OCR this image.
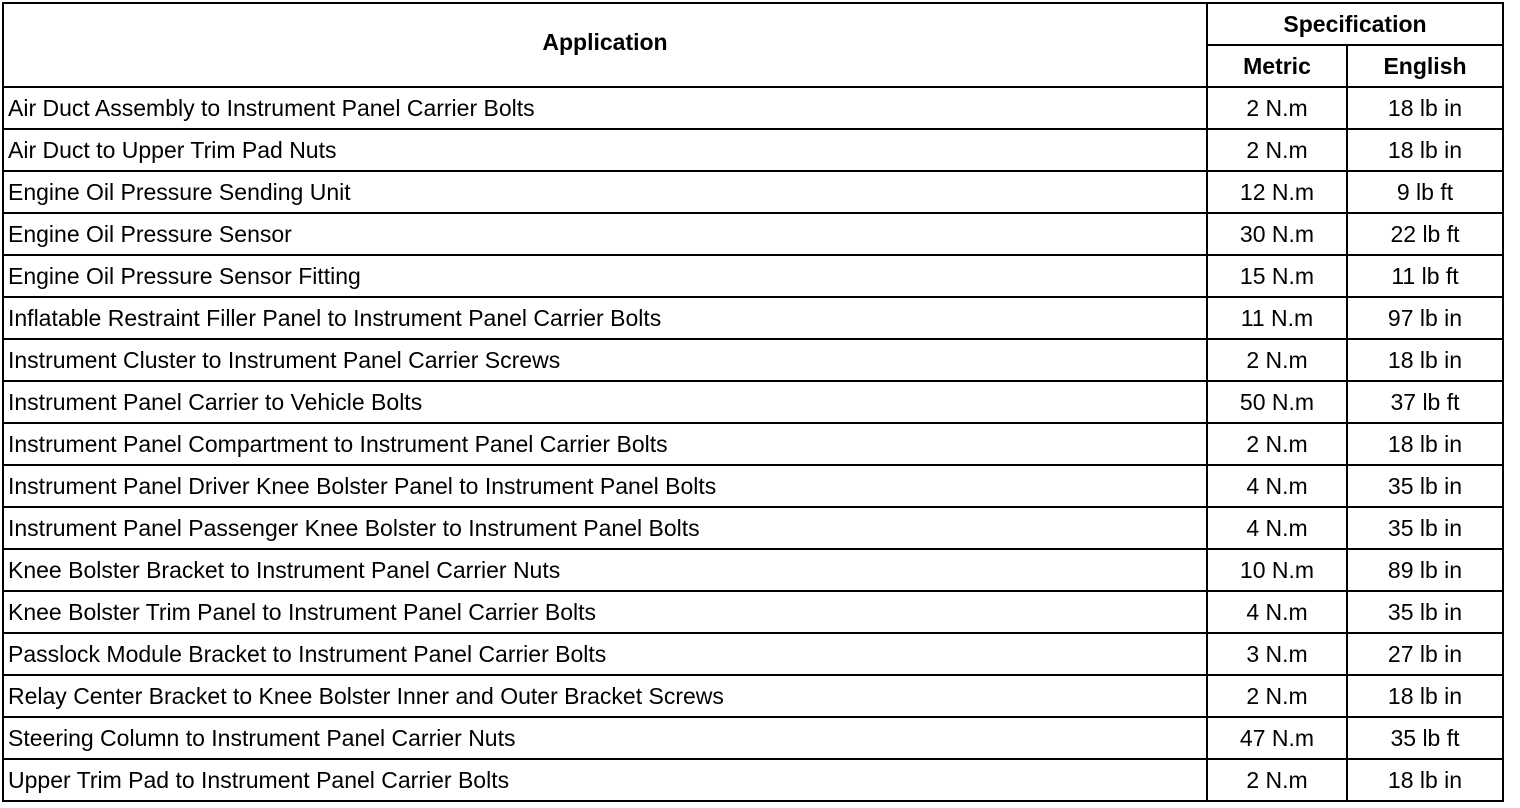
Application	Specification	
	Metric	English
Air Duct Assembly to Instrument Panel Carrier Bolts	2 N.m	18 lb in
Air Duct to Upper Trim Pad Nuts	2 N.m	18 lb in
Engine Oil Pressure Sending Unit	12 N.m	9 lb ft
Engine Oil Pressure Sensor	30 N.m	22 lb ft
Engine Oil Pressure Sensor Fitting	15 N.m	11 lb ft
Inflatable Restraint Filler Panel to Instrument Panel Carrier Bolts	11 N.m	97 lb in
Instrument Cluster to Instrument Panel Carrier Screws	2 N.m	18 lb in
Instrument Panel Carrier to Vehicle Bolts	50 N.m	37 lb ft
Instrument Panel Compartment to Instrument Panel Carrier Bolts	2 N.m	18 lb in
Instrument Panel Driver Knee Bolster Panel to Instrument Panel Bolts	4 N.m	35 lb in
Instrument Panel Passenger Knee Bolster to Instrument Panel Bolts	4 N.m	35 lb in
Knee Bolster Bracket to Instrument Panel Carrier Nuts	10 N.m	89 lb in
Knee Bolster Trim Panel to Instrument Panel Carrier Bolts	4 N.m	35 lb in
Passlock Module Bracket to Instrument Panel Carrier Bolts	3 N.m	27 lb in
Relay Center Bracket to Knee Bolster Inner and Outer Bracket Screws	2 N.m	18 lb in
Steering Column to Instrument Panel Carrier Nuts	47 N.m	35 lb ft
Upper Trim Pad to Instrument Panel Carrier Bolts	2 N.m	18 lb in
